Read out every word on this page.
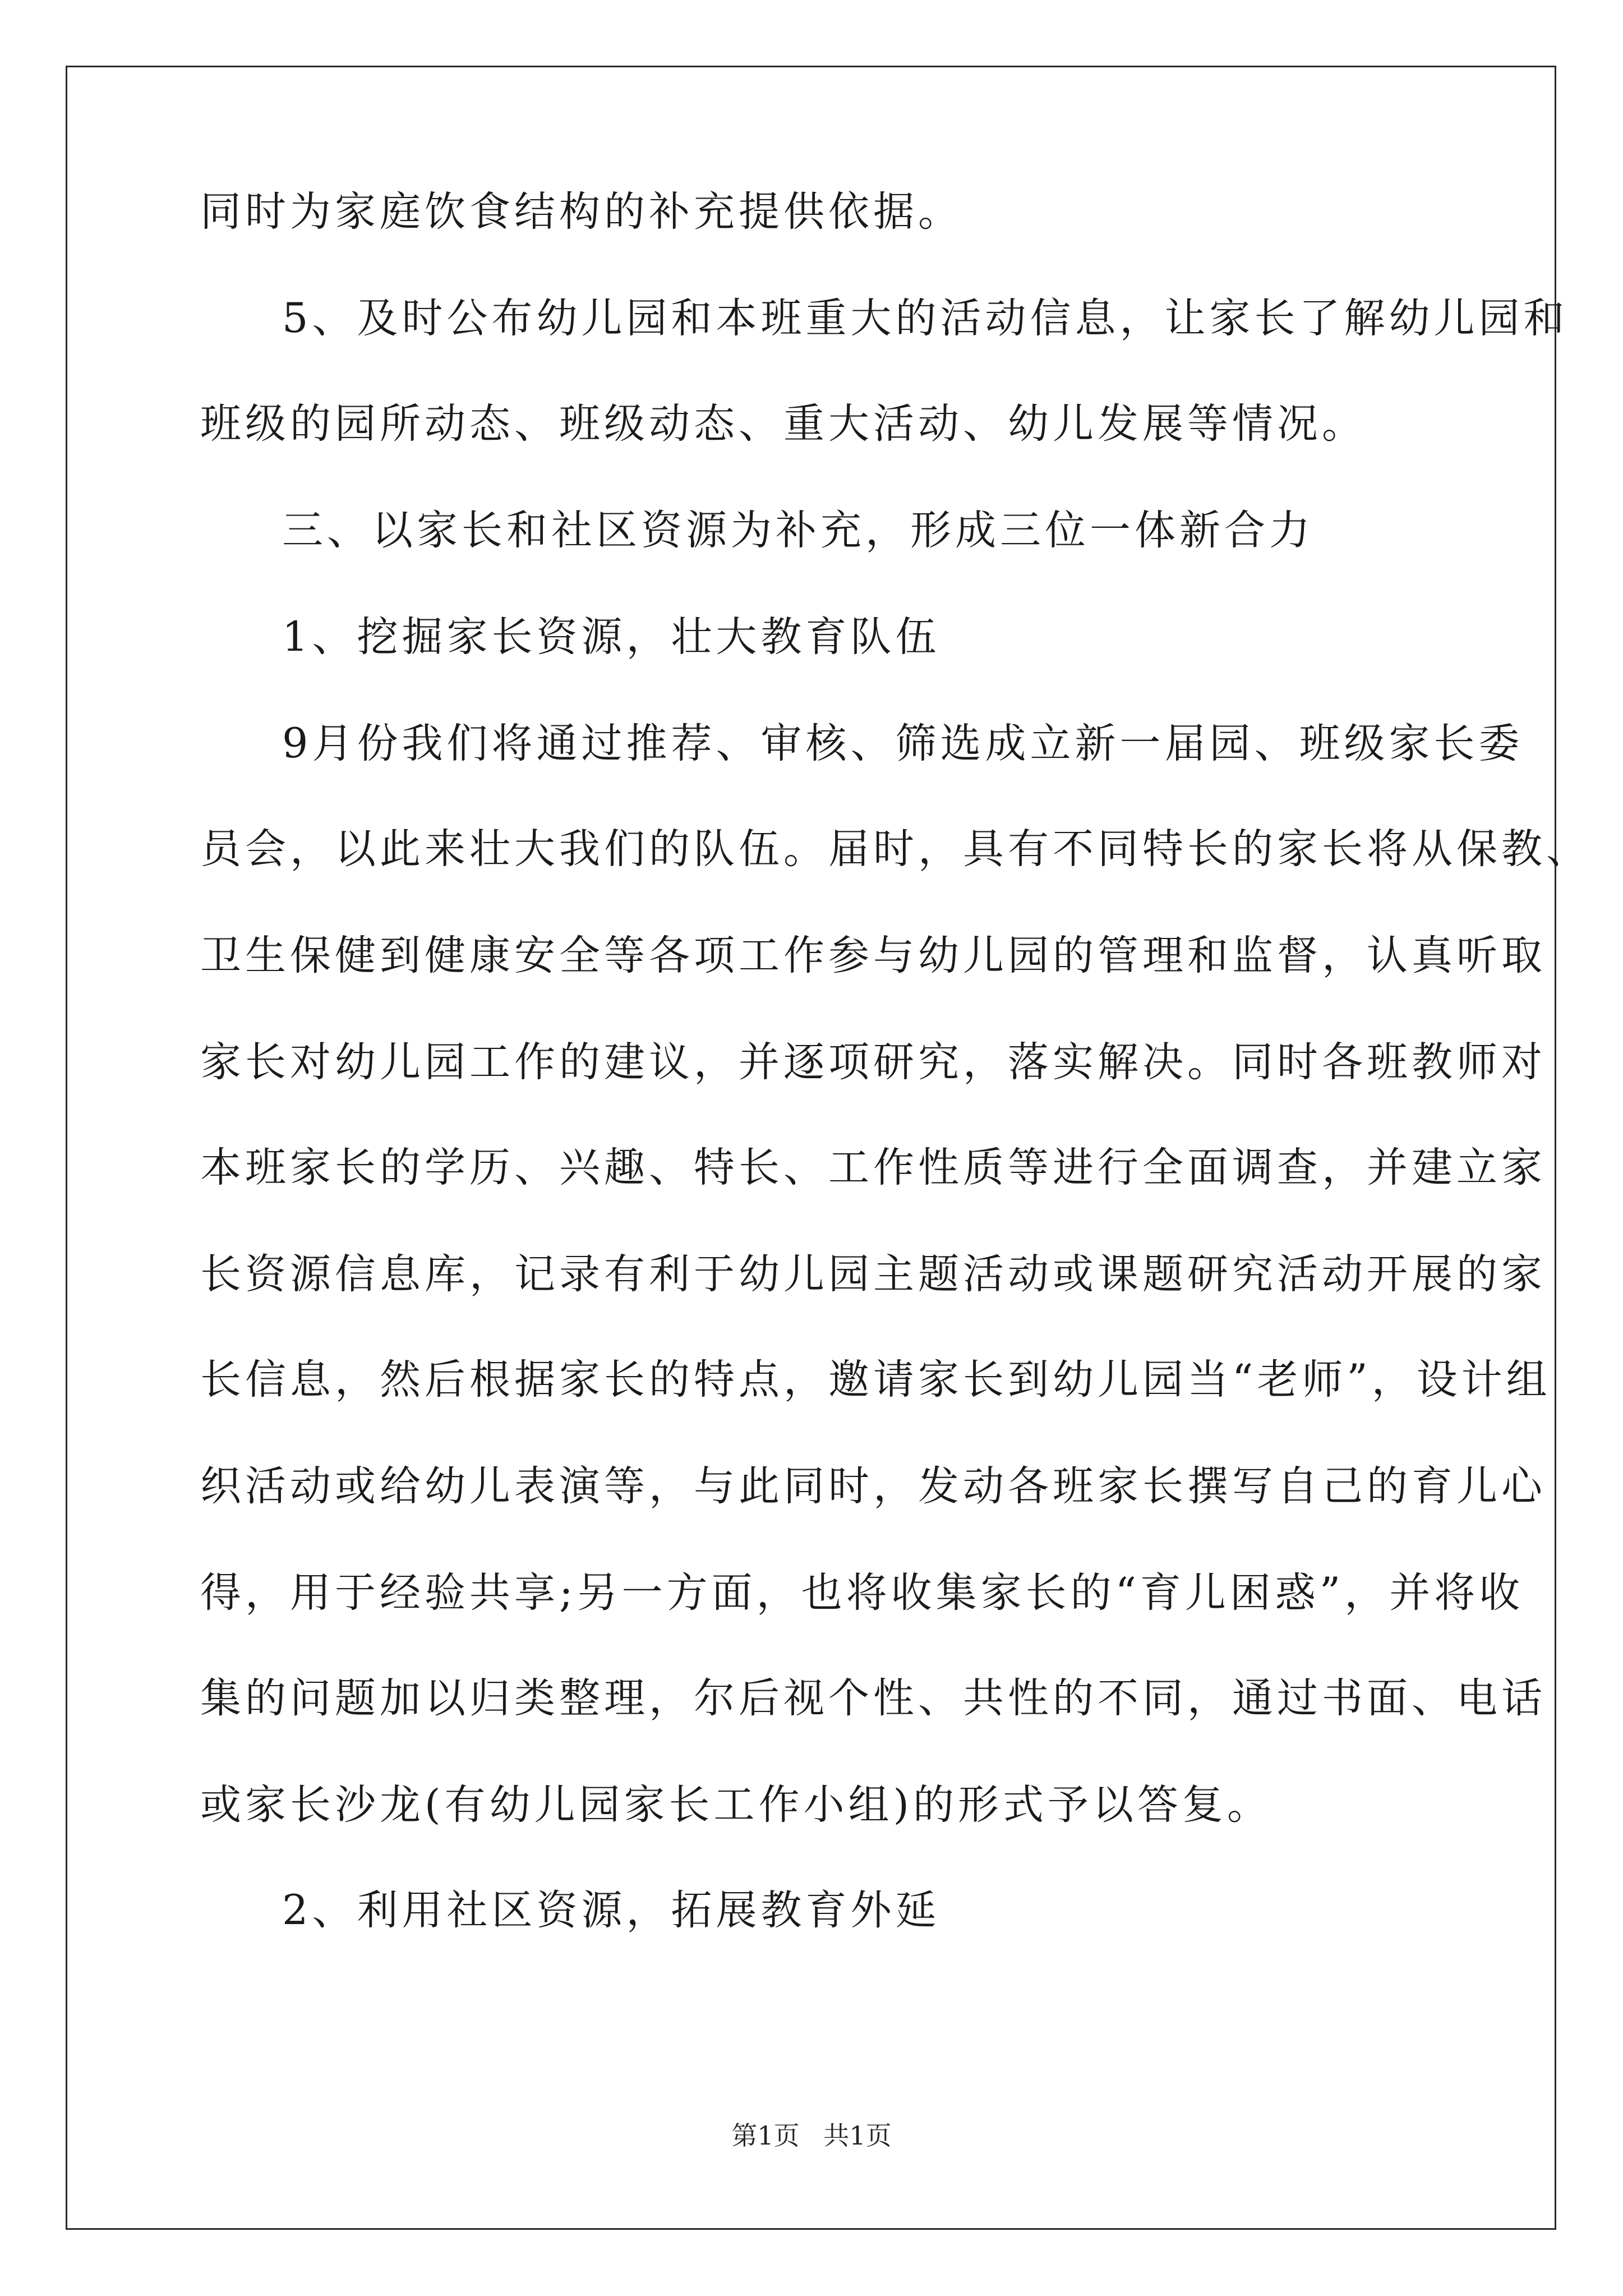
同时为家庭饮食结构的补充提供依据。
5、及时公布幼儿园和本班重大的活动信息，让家长了解幼儿园和
班级的园所动态、班级动态、重大活动、幼儿发展等情况。
三、以家长和社区资源为补充，形成三位一体新合力
1、挖掘家长资源，壮大教育队伍
9月份我们将通过推荐、审核、筛选成立新一届园、班级家长委
员会，以此来壮大我们的队伍。届时，具有不同特长的家长将从保教、
卫生保健到健康安全等各项工作参与幼儿园的管理和监督，认真听取
家长对幼儿园工作的建议，并逐项研究，落实解决。同时各班教师对
本班家长的学历、兴趣、特长、工作性质等进行全面调查，并建立家
长资源信息库，记录有利于幼儿园主题活动或课题研究活动开展的家
长信息，然后根据家长的特点，邀请家长到幼儿园当“老师”，设计组
织活动或给幼儿表演等，与此同时，发动各班家长撰写自己的育儿心
得，用于经验共享;另一方面，也将收集家长的“育儿困惑”，并将收
集的问题加以归类整理，尔后视个性、共性的不同，通过书面、电话
或家长沙龙(有幼儿园家长工作小组)的形式予以答复。
2、利用社区资源，拓展教育外延
第1页 共1页
